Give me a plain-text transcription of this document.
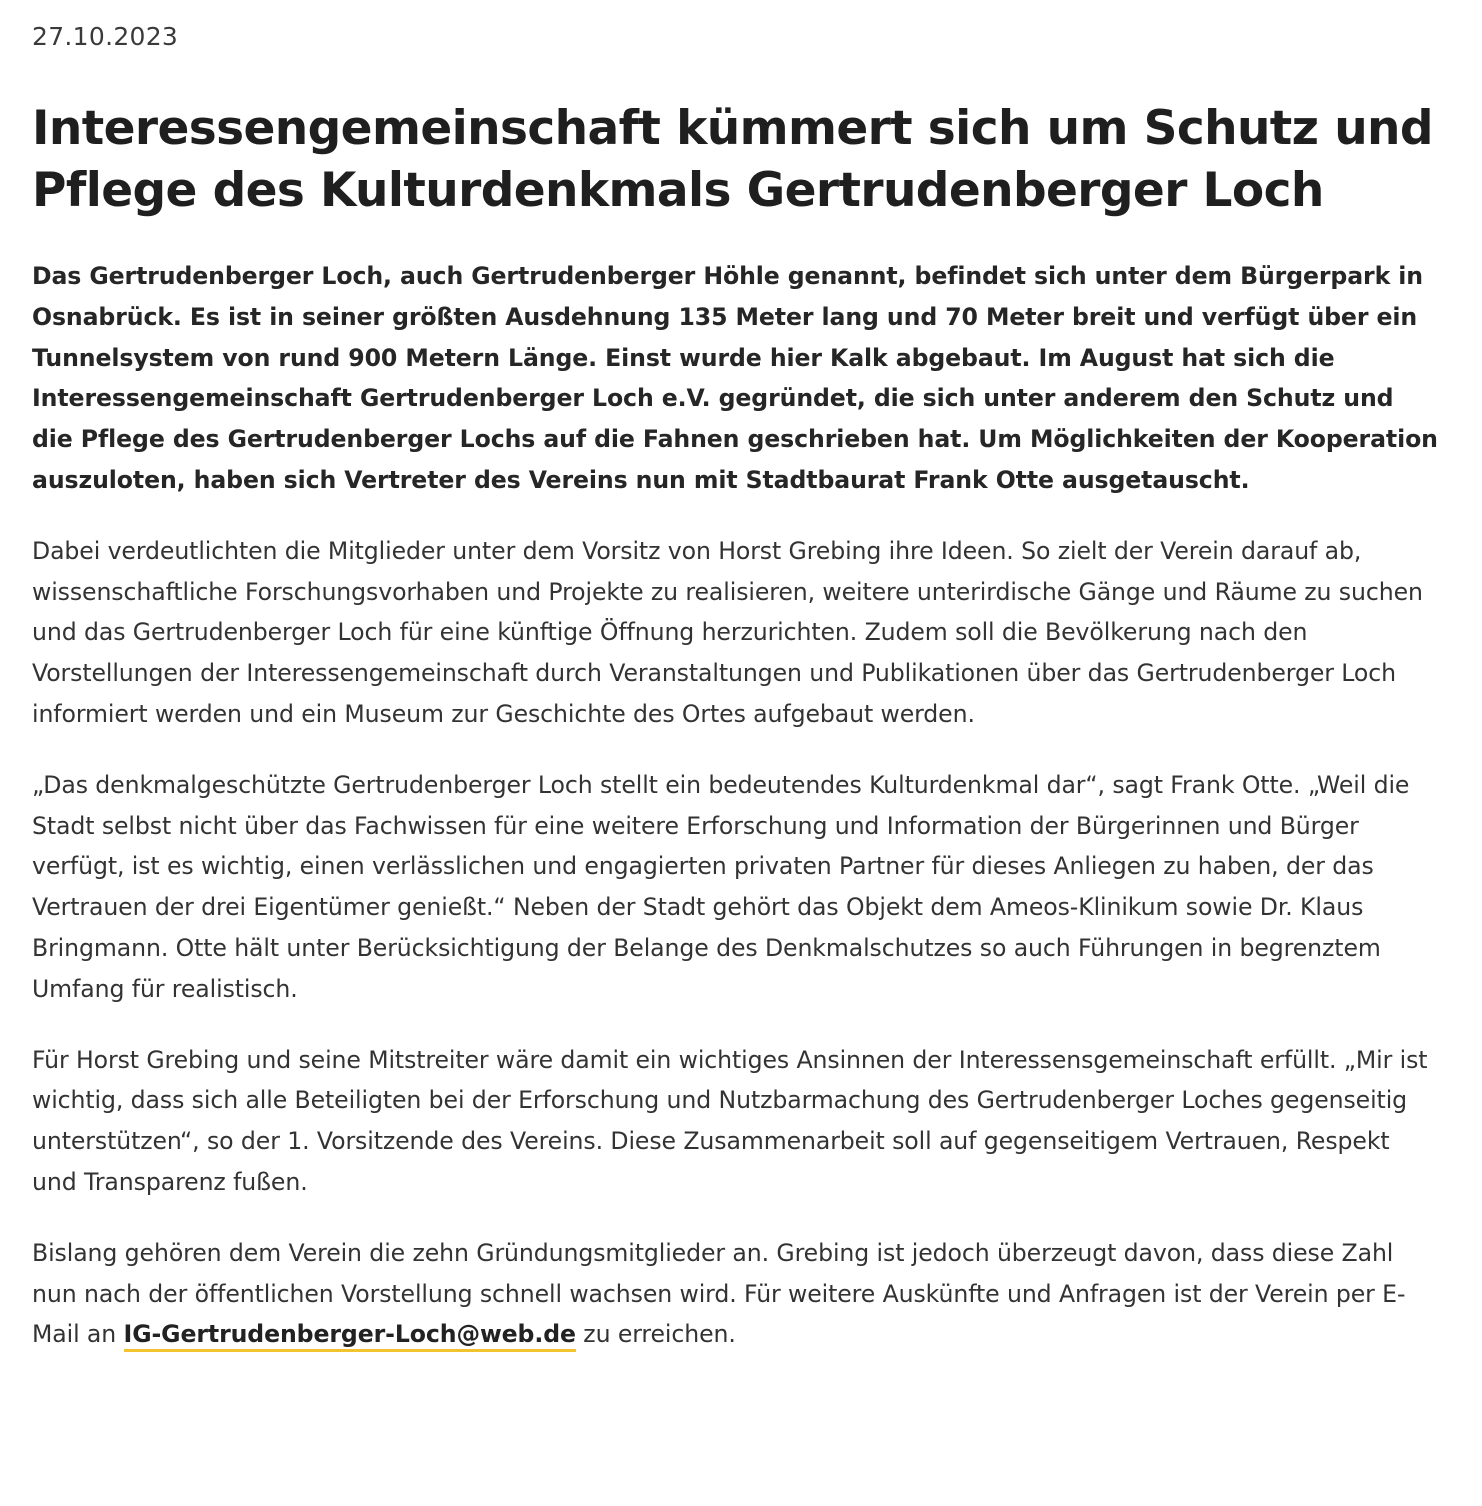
27.10.2023
Interessengemeinschaft kümmert sich um Schutz und Pflege des Kulturdenkmals Gertrudenberger Loch

Das Gertrudenberger Loch, auch Gertrudenberger Höhle genannt, befindet sich unter dem Bürgerpark in Osnabrück. Es ist in seiner größten Ausdehnung 135 Meter lang und 70 Meter breit und verfügt über ein Tunnelsystem von rund 900 Metern Länge. Einst wurde hier Kalk abgebaut. Im August hat sich die Interessengemeinschaft Gertrudenberger Loch e.V. gegründet, die sich unter anderem den Schutz und die Pflege des Gertrudenberger Lochs auf die Fahnen geschrieben hat. Um Möglichkeiten der Kooperation auszuloten, haben sich Vertreter des Vereins nun mit Stadtbaurat Frank Otte ausgetauscht.

Dabei verdeutlichten die Mitglieder unter dem Vorsitz von Horst Grebing ihre Ideen. So zielt der Verein darauf ab, wissenschaftliche Forschungsvorhaben und Projekte zu realisieren, weitere unterirdische Gänge und Räume zu suchen und das Gertrudenberger Loch für eine künftige Öffnung herzurichten. Zudem soll die Bevölkerung nach den Vorstellungen der Interessengemeinschaft durch Veranstaltungen und Publikationen über das Gertrudenberger Loch informiert werden und ein Museum zur Geschichte des Ortes aufgebaut werden.

„Das denkmalgeschützte Gertrudenberger Loch stellt ein bedeutendes Kulturdenkmal dar“, sagt Frank Otte. „Weil die Stadt selbst nicht über das Fachwissen für eine weitere Erforschung und Information der Bürgerinnen und Bürger verfügt, ist es wichtig, einen verlässlichen und engagierten privaten Partner für dieses Anliegen zu haben, der das Vertrauen der drei Eigentümer genießt.“ Neben der Stadt gehört das Objekt dem Ameos-Klinikum sowie Dr. Klaus Bringmann. Otte hält unter Berücksichtigung der Belange des Denkmalschutzes so auch Führungen in begrenztem Umfang für realistisch.

Für Horst Grebing und seine Mitstreiter wäre damit ein wichtiges Ansinnen der Interessensgemeinschaft erfüllt. „Mir ist wichtig, dass sich alle Beteiligten bei der Erforschung und Nutzbarmachung des Gertrudenberger Loches gegenseitig unterstützen“, so der 1. Vorsitzende des Vereins. Diese Zusammenarbeit soll auf gegenseitigem Vertrauen, Respekt und Transparenz fußen.

Bislang gehören dem Verein die zehn Gründungsmitglieder an. Grebing ist jedoch überzeugt davon, dass diese Zahl nun nach der öffentlichen Vorstellung schnell wachsen wird. Für weitere Auskünfte und Anfragen ist der Verein per E-Mail an IG-Gertrudenberger-Loch@web.de zu erreichen.
